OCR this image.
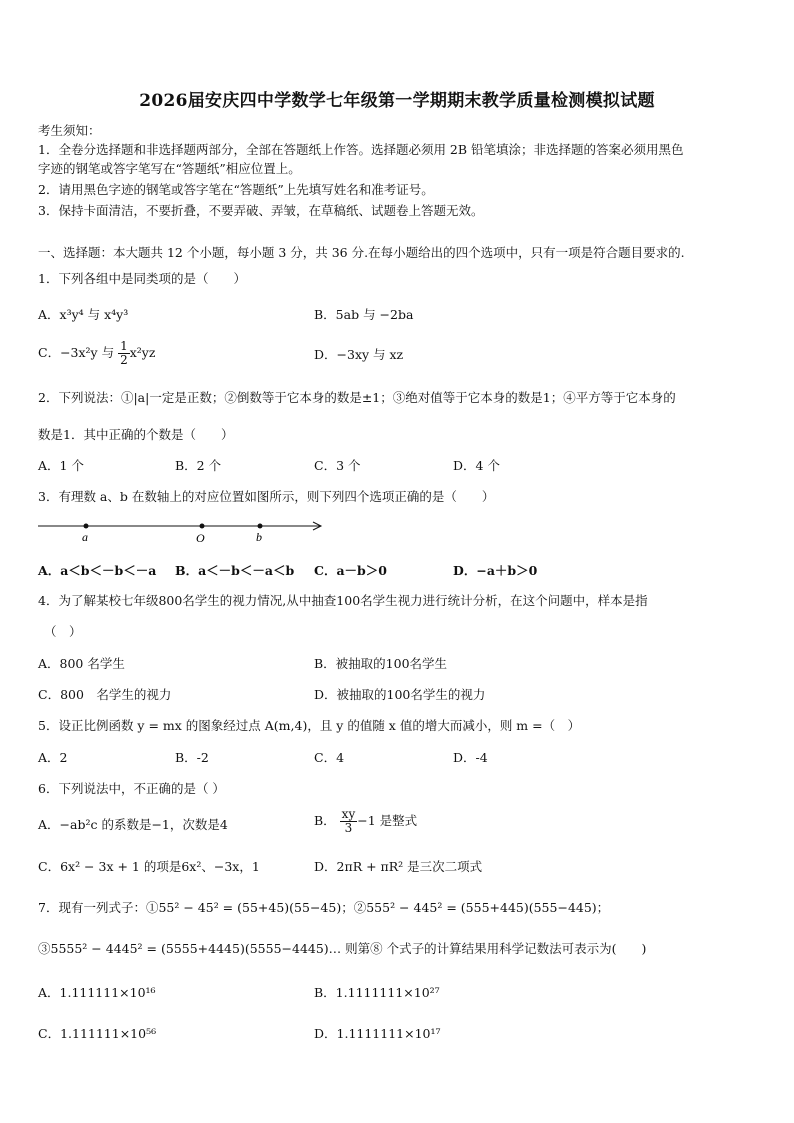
2026届安庆四中学数学七年级第一学期期末教学质量检测模拟试题
考生须知：
1．全卷分选择题和非选择题两部分，全部在答题纸上作答。选择题必须用 2B 铅笔填涂；非选择题的答案必须用黑色
字迹的钢笔或答字笔写在“答题纸”相应位置上。
2．请用黑色字迹的钢笔或答字笔在“答题纸”上先填写姓名和准考证号。
3．保持卡面清洁，不要折叠，不要弄破、弄皱，在草稿纸、试题卷上答题无效。
一、选择题：本大题共 12 个小题，每小题 3 分，共 36 分.在每小题给出的四个选项中，只有一项是符合题目要求的.
1．下列各组中是同类项的是（　　）
A．x³y⁴ 与 x⁴y³	B．5ab 与 −2ba
C．−3x²y 与 $\frac{1}{2} x^2yz$	D．−3xy 与 xz
2．下列说法：①|a|一定是正数；②倒数等于它本身的数是±1；③绝对值等于它本身的数是1；④平方等于它本身的
数是1．其中正确的个数是（　　）
A．1 个	B．2 个	C．3 个	D．4 个
3．有理数 a、b 在数轴上的对应位置如图所示，则下列四个选项正确的是（　　）
a	O	b
A．a＜b＜－b＜－a B．a＜－b＜－a＜b C．a－b＞0	D．−a＋b＞0
4．为了解某校七年级800名学生的视力情况,从中抽查100名学生视力进行统计分析，在这个问题中，样本是指
（　）
A．800 名学生	B．被抽取的100名学生
C．800　名学生的视力	D．被抽取的100名学生的视力
5．设正比例函数 y = mx 的图象经过点 A(m,4)，且 y 的值随 x 值的增大而减小，则 m =（　）
A．2	B．-2	C．4	D．-4
6．下列说法中，不正确的是（ ）
A．−ab²c 的系数是−1，次数是4	B． $\frac{xy}{3} -1$ 是整式
C．6x² − 3x + 1 的项是6x²、−3x，1	D．2πR + πR² 是三次二项式
7．现有一列式子：①55² − 45² = (55+45)(55−45)；②555² − 445² = (555+445)(555−445)；
③5555² − 4445² = (5555+4445)(5555−4445)… 则第⑧ 个式子的计算结果用科学记数法可表示为(　　)
A．1.111111×10¹⁶	B．1.1111111×10²⁷
C．1.111111×10⁵⁶	D．1.1111111×10¹⁷
